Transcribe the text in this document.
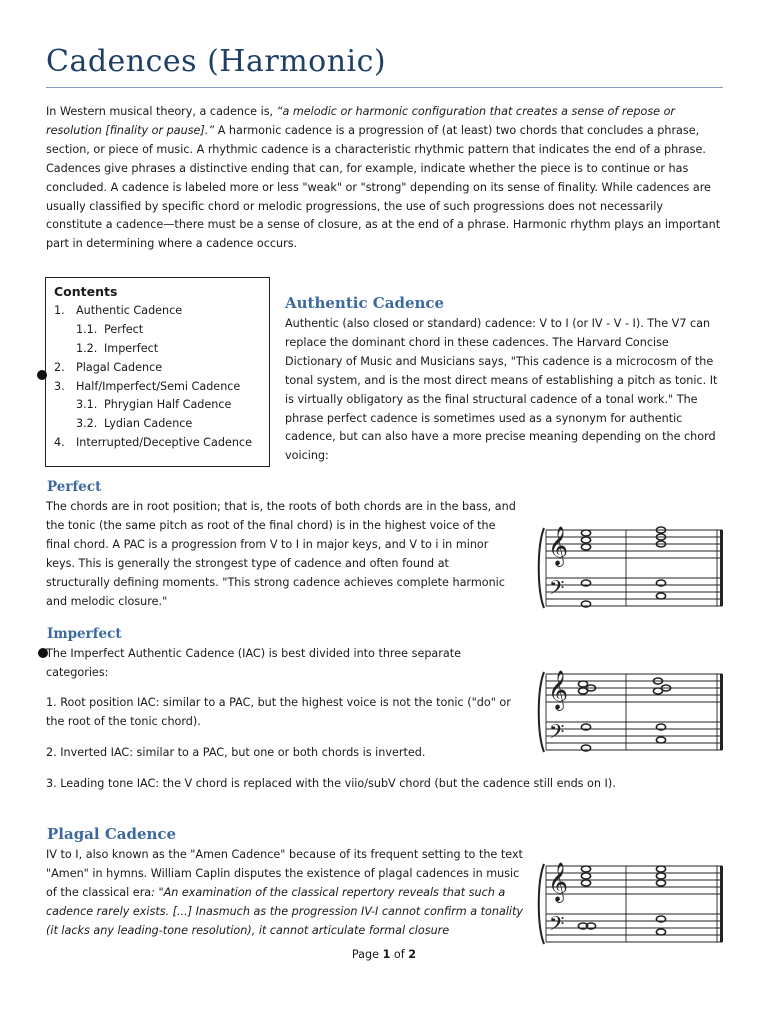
Cadences (Harmonic)
In Western musical theory, a cadence is, “a melodic or harmonic configuration that creates a sense of repose or resolution [finality or pause].” A harmonic cadence is a progression of (at least) two chords that concludes a phrase, section, or piece of music. A rhythmic cadence is a characteristic rhythmic pattern that indicates the end of a phrase. Cadences give phrases a distinctive ending that can, for example, indicate whether the piece is to continue or has concluded. A cadence is labeled more or less "weak" or "strong" depending on its sense of finality. While cadences are usually classified by specific chord or melodic progressions, the use of such progressions does not necessarily constitute a cadence—there must be a sense of closure, as at the end of a phrase. Harmonic rhythm plays an important part in determining where a cadence occurs.
Contents
1. Authentic Cadence
1.1. Perfect
1.2. Imperfect
2. Plagal Cadence
3. Half/Imperfect/Semi Cadence
3.1. Phrygian Half Cadence
3.2. Lydian Cadence
4. Interrupted/Deceptive Cadence
Authentic Cadence
Authentic (also closed or standard) cadence: V to I (or IV - V - I). The V7 can replace the dominant chord in these cadences. The Harvard Concise Dictionary of Music and Musicians says, "This cadence is a microcosm of the tonal system, and is the most direct means of establishing a pitch as tonic. It is virtually obligatory as the final structural cadence of a tonal work." The phrase perfect cadence is sometimes used as a synonym for authentic cadence, but can also have a more precise meaning depending on the chord voicing:
Perfect
The chords are in root position; that is, the roots of both chords are in the bass, and the tonic (the same pitch as root of the final chord) is in the highest voice of the final chord. A PAC is a progression from V to I in major keys, and V to i in minor keys. This is generally the strongest type of cadence and often found at structurally defining moments. "This strong cadence achieves complete harmonic and melodic closure."
Imperfect
The Imperfect Authentic Cadence (IAC) is best divided into three separate categories:
1. Root position IAC: similar to a PAC, but the highest voice is not the tonic ("do" or the root of the tonic chord).
2. Inverted IAC: similar to a PAC, but one or both chords is inverted.
3. Leading tone IAC: the V chord is replaced with the viio/subV chord (but the cadence still ends on I).
Plagal Cadence
IV to I, also known as the "Amen Cadence" because of its frequent setting to the text "Amen" in hymns. William Caplin disputes the existence of plagal cadences in music of the classical era: "An examination of the classical repertory reveals that such a cadence rarely exists. [...] Inasmuch as the progression IV-I cannot confirm a tonality (it lacks any leading-tone resolution), it cannot articulate formal closure
𝄞
𝄢
𝄞
𝄢
𝄞
𝄢
Page 1 of 2
